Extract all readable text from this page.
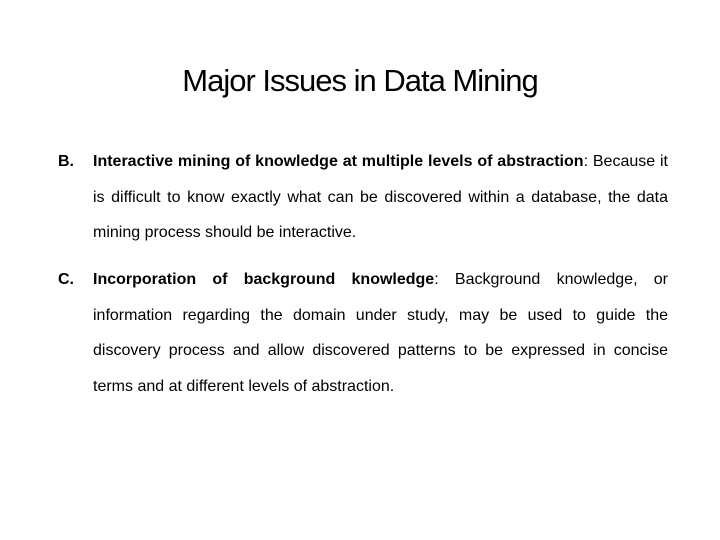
Major Issues in Data Mining
B. Interactive mining of knowledge at multiple levels of abstraction: Because it is difficult to know exactly what can be discovered within a database, the data mining process should be interactive.
C. Incorporation of background knowledge: Background knowledge, or information regarding the domain under study, may be used to guide the discovery process and allow discovered patterns to be expressed in concise terms and at different levels of abstraction.
